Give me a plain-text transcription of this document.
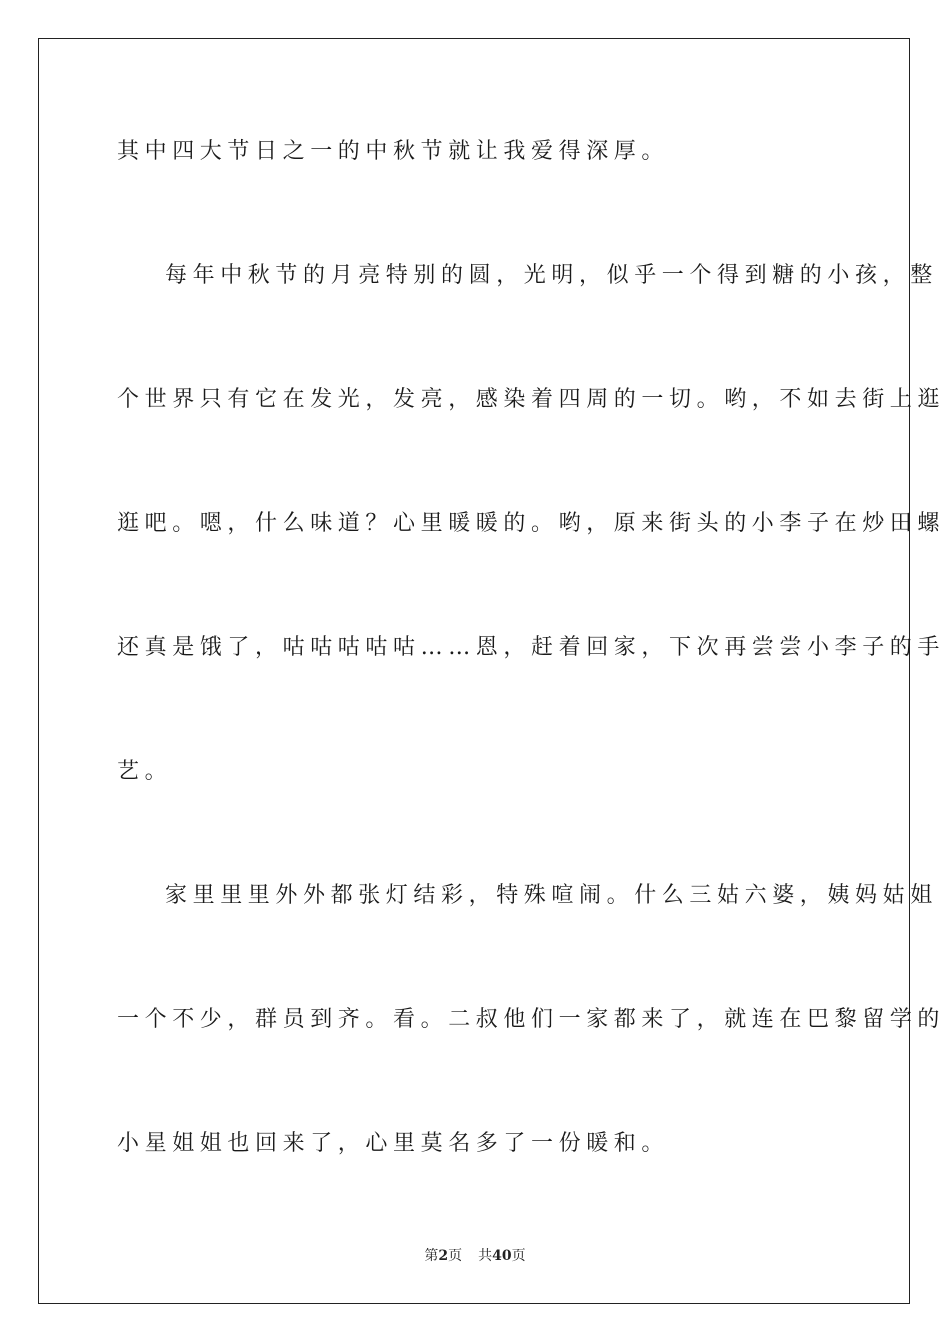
其中四大节日之一的中秋节就让我爱得深厚。
每年中秋节的月亮特别的圆，光明，似乎一个得到糖的小孩，整
个世界只有它在发光，发亮，感染着四周的一切。哟，不如去街上逛
逛吧。嗯，什么味道？心里暖暖的。哟，原来街头的小李子在炒田螺
还真是饿了，咕咕咕咕咕……恩，赶着回家，下次再尝尝小李子的手
艺。
家里里里外外都张灯结彩，特殊喧闹。什么三姑六婆，姨妈姑姐
一个不少，群员到齐。看。二叔他们一家都来了，就连在巴黎留学的
小星姐姐也回来了，心里莫名多了一份暖和。
第2页 共40页
